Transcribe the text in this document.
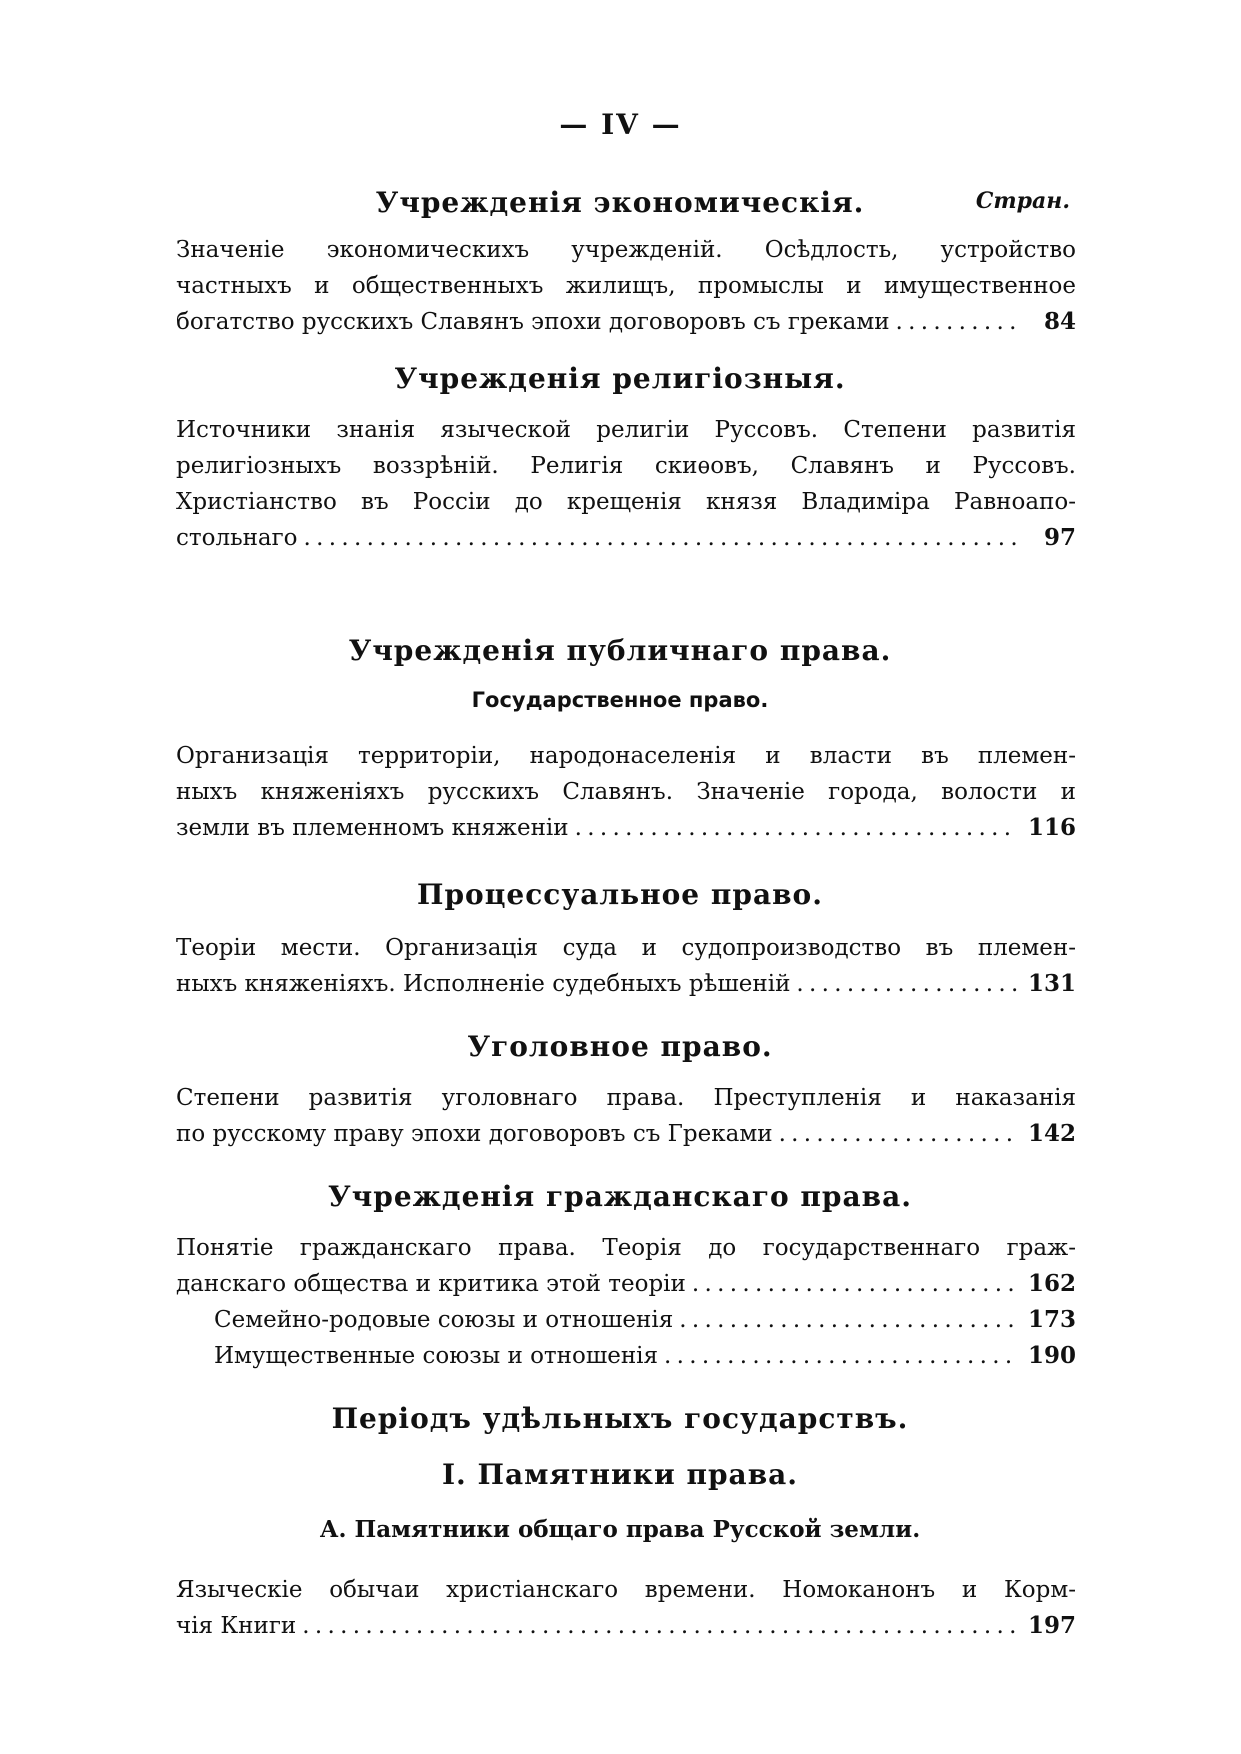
— IV —
Стран.
Учрежденія экономическія.
Значеніе экономическихъ учрежденій. Осѣдлость, устройство
частныхъ и общественныхъ жилищъ, промыслы и имущественное
богатство русскихъ Славянъ эпохи договоровъ съ греками . . .	84
Учрежденія религіозныя.
Источники знанія языческой религіи Руссовъ. Степени развитія
религіозныхъ воззрѣній. Религія скиѳовъ, Славянъ и Руссовъ.
Христіанство въ Россіи до крещенія князя Владиміра Равноапо-
стольнаго . . .	97
Учрежденія публичнаго права.
Государственное право.
Организація территоріи, народонаселенія и власти въ племен-
ныхъ княженіяхъ русскихъ Славянъ. Значеніе города, волости и
земли въ племенномъ княженіи . . .	116
Процессуальное право.
Теоріи мести. Организація суда и судопроизводство въ племен-
ныхъ княженіяхъ. Исполненіе судебныхъ рѣшеній . . .	131
Уголовное право.
Степени развитія уголовнаго права. Преступленія и наказанія
по русскому праву эпохи договоровъ съ Греками . . .	142
Учрежденія гражданскаго права.
Понятіе гражданскаго права. Теорія до государственнаго граж-
данскаго общества и критика этой теоріи . . .	162
Семейно-родовые союзы и отношенія . . .	173
Имущественные союзы и отношенія . . .	190
Періодъ удѣльныхъ государствъ.
I. Памятники права.
А. Памятники общаго права Русской земли.
Языческіе обычаи христіанскаго времени. Номоканонъ и Корм-
чія Книги . . .	197
